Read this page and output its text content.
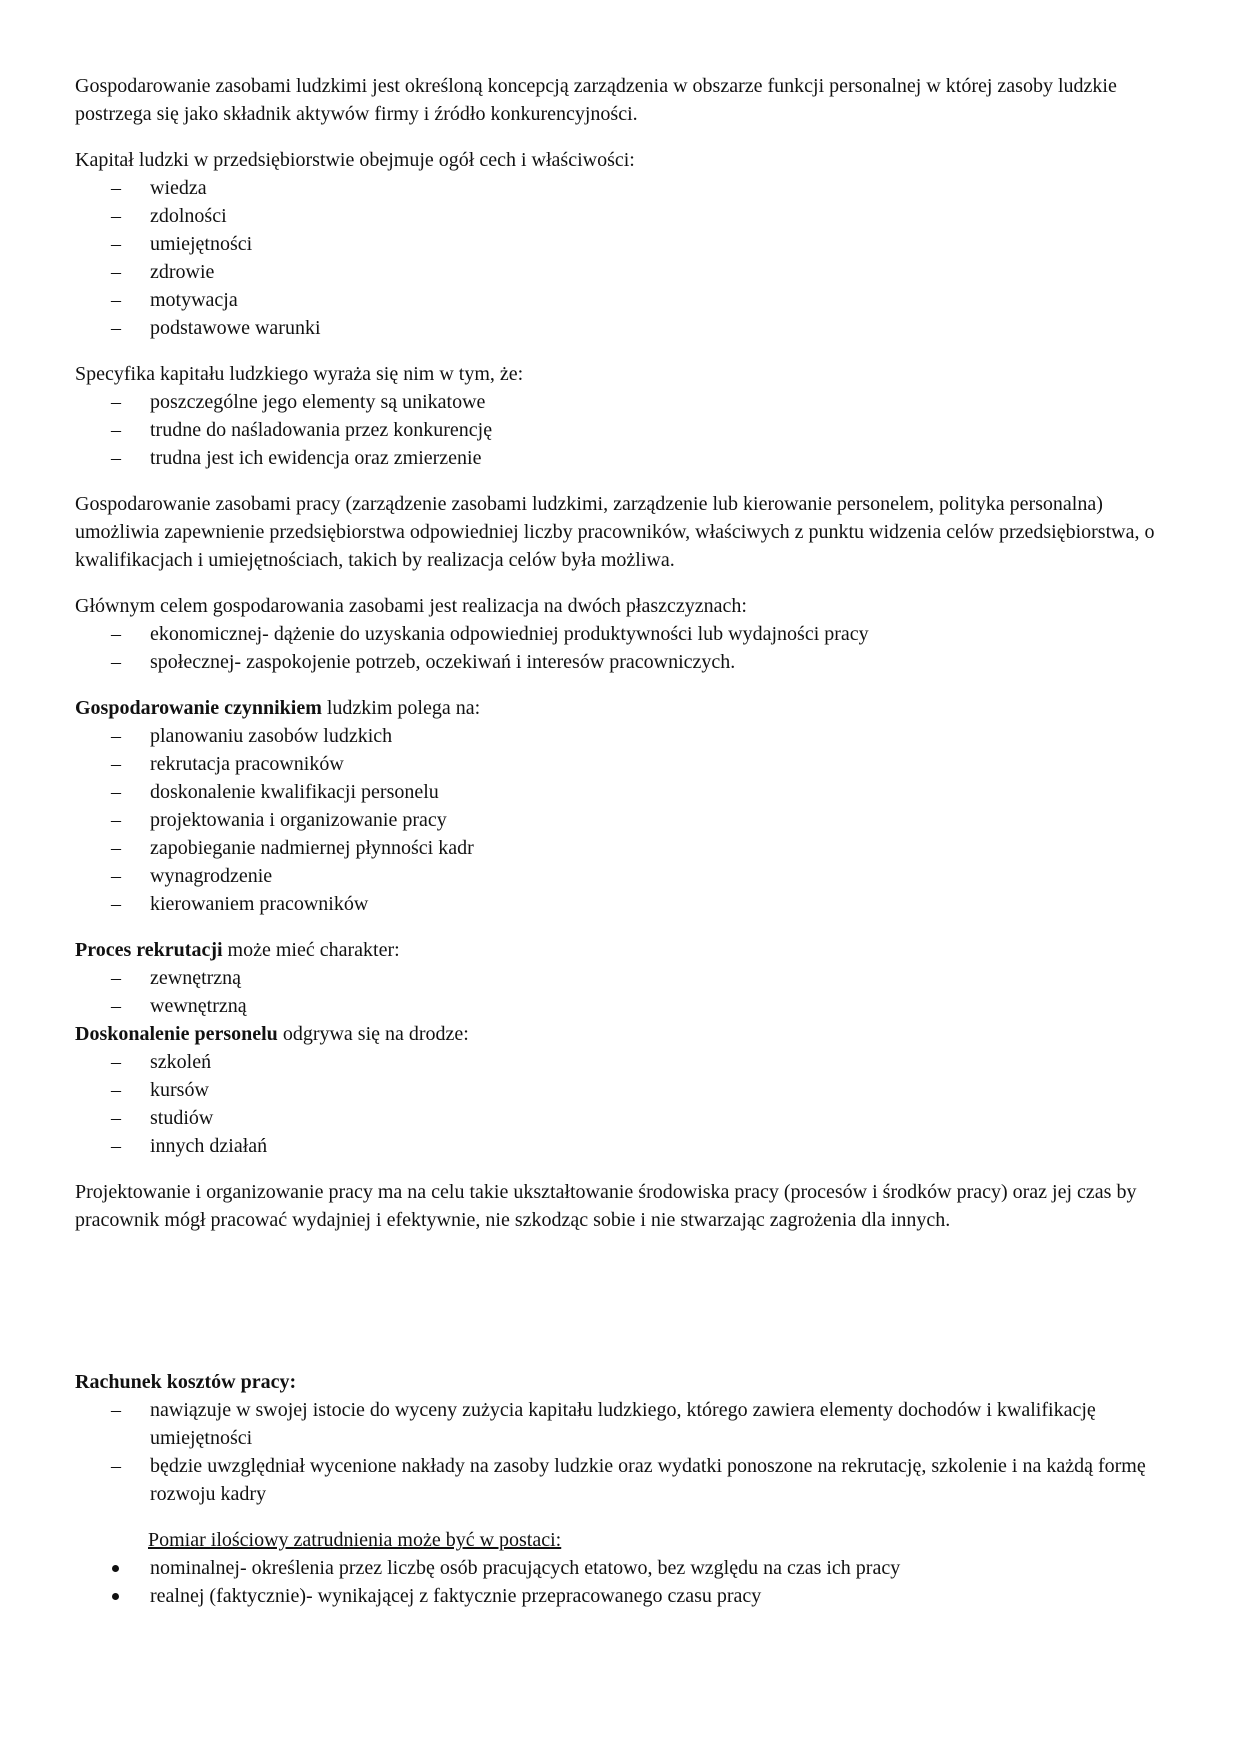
Gospodarowanie zasobami ludzkimi jest określoną koncepcją zarządzenia w obszarze funkcji personalnej w której zasoby ludzkie postrzega się jako składnik aktywów firmy i źródło konkurencyjności.

Kapitał ludzki w przedsiębiorstwie obejmuje ogół cech i właściwości:

– wiedza
– zdolności
– umiejętności
– zdrowie
– motywacja
– podstawowe warunki

Specyfika kapitału ludzkiego wyraża się nim w tym, że:

– poszczególne jego elementy są unikatowe
– trudne do naśladowania przez konkurencję
– trudna jest ich ewidencja oraz zmierzenie

Gospodarowanie zasobami pracy (zarządzenie zasobami ludzkimi, zarządzenie lub kierowanie personelem, polityka personalna) umożliwia zapewnienie przedsiębiorstwa odpowiedniej liczby pracowników, właściwych z punktu widzenia celów przedsiębiorstwa, o kwalifikacjach i umiejętnościach, takich by realizacja celów była możliwa.

Głównym celem gospodarowania zasobami jest realizacja na dwóch płaszczyznach:

– ekonomicznej- dążenie do uzyskania odpowiedniej produktywności lub wydajności pracy
– społecznej- zaspokojenie potrzeb, oczekiwań i interesów pracowniczych.

Gospodarowanie czynnikiem ludzkim polega na:

– planowaniu zasobów ludzkich
– rekrutacja pracowników
– doskonalenie kwalifikacji personelu
– projektowania i organizowanie pracy
– zapobieganie nadmiernej płynności kadr
– wynagrodzenie
– kierowaniem pracowników

Proces rekrutacji może mieć charakter:

– zewnętrzną
– wewnętrzną

Doskonalenie personelu odgrywa się na drodze:

– szkoleń
– kursów
– studiów
– innych działań

Projektowanie i organizowanie pracy ma na celu takie ukształtowanie środowiska pracy (procesów i środków pracy) oraz jej czas by pracownik mógł pracować wydajniej i efektywnie, nie szkodząc sobie i nie stwarzając zagrożenia dla innych.

Rachunek kosztów pracy:

– nawiązuje w swojej istocie do wyceny zużycia kapitału ludzkiego, którego zawiera elementy dochodów i kwalifikację umiejętności
– będzie uwzględniał wycenione nakłady na zasoby ludzkie oraz wydatki ponoszone na rekrutację, szkolenie i na każdą formę rozwoju kadry

Pomiar ilościowy zatrudnienia może być w postaci:

nominalnej- określenia przez liczbę osób pracujących etatowo, bez względu na czas ich pracy
realnej (faktycznie)- wynikającej z faktycznie przepracowanego czasu pracy
